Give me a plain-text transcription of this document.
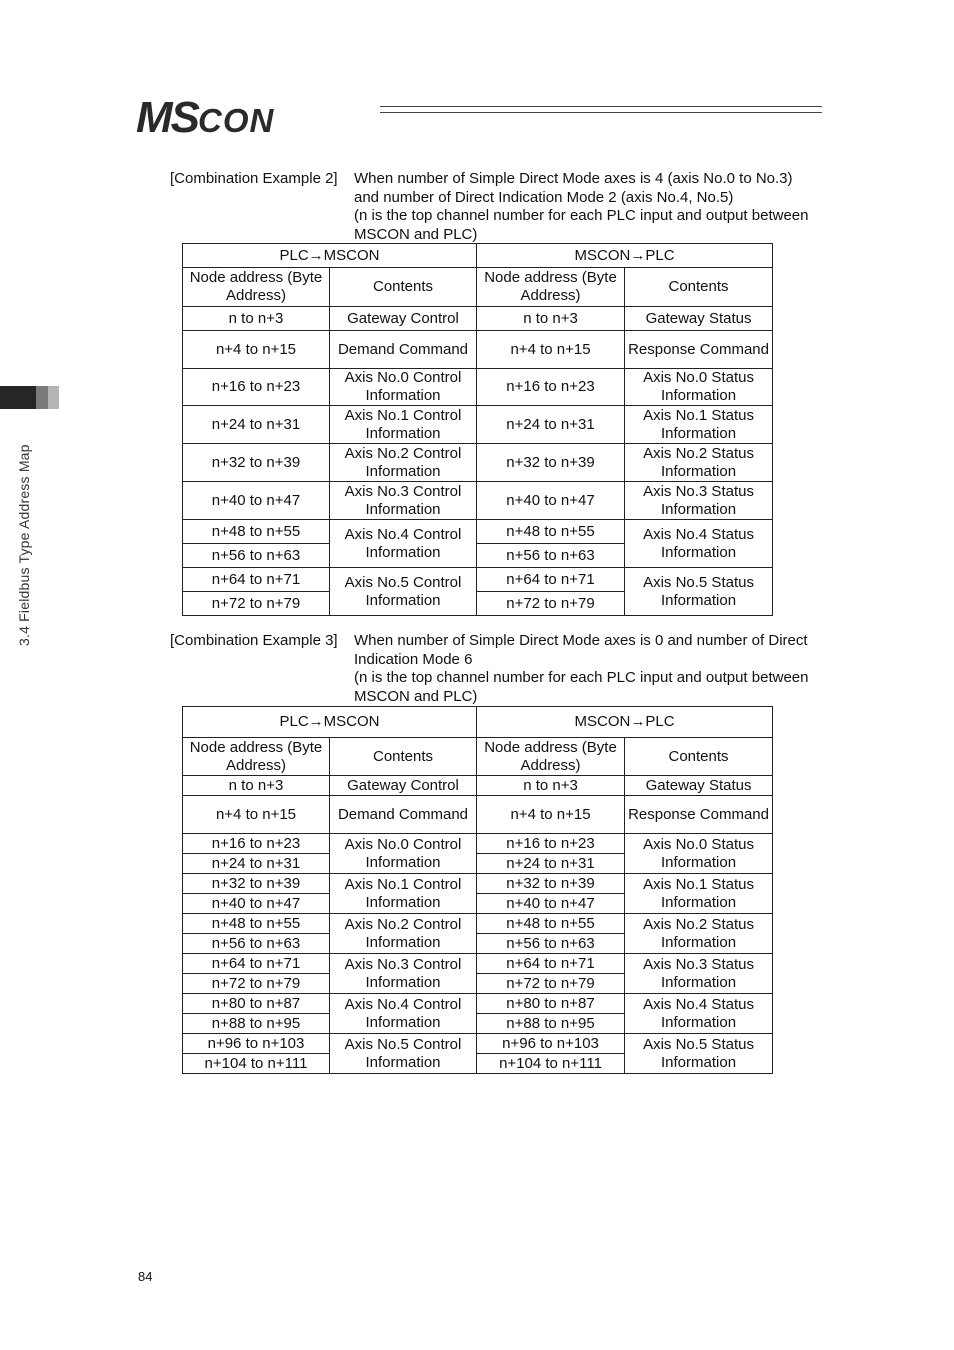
MSCON
3.4 Fieldbus Type Address Map
[Combination Example 2] When number of Simple Direct Mode axes is 4 (axis No.0 to No.3)
and number of Direct Indication Mode 2 (axis No.4, No.5)
(n is the top channel number for each PLC input and output between
MSCON and PLC)
PLC→MSCON		MSCON→PLC	
Node address (Byte Address)	Contents	Node address (Byte Address)	Contents
n to n+3	Gateway Control	n to n+3	Gateway Status
n+4 to n+15	Demand Command	n+4 to n+15	Response Command
n+16 to n+23	Axis No.0 Control Information	n+16 to n+23	Axis No.0 Status Information
n+24 to n+31	Axis No.1 Control Information	n+24 to n+31	Axis No.1 Status Information
n+32 to n+39	Axis No.2 Control Information	n+32 to n+39	Axis No.2 Status Information
n+40 to n+47	Axis No.3 Control Information	n+40 to n+47	Axis No.3 Status Information
n+48 to n+55	Axis No.4 Control Information	n+48 to n+55	Axis No.4 Status Information
n+56 to n+63		n+56 to n+63	
n+64 to n+71	Axis No.5 Control Information	n+64 to n+71	Axis No.5 Status Information
n+72 to n+79		n+72 to n+79	
[Combination Example 3] When number of Simple Direct Mode axes is 0 and number of Direct
Indication Mode 6
(n is the top channel number for each PLC input and output between
MSCON and PLC)
PLC→MSCON		MSCON→PLC	
Node address (Byte Address)	Contents	Node address (Byte Address)	Contents
n to n+3	Gateway Control	n to n+3	Gateway Status
n+4 to n+15	Demand Command	n+4 to n+15	Response Command
n+16 to n+23	Axis No.0 Control Information	n+16 to n+23	Axis No.0 Status Information
n+24 to n+31		n+24 to n+31	
n+32 to n+39	Axis No.1 Control Information	n+32 to n+39	Axis No.1 Status Information
n+40 to n+47		n+40 to n+47	
n+48 to n+55	Axis No.2 Control Information	n+48 to n+55	Axis No.2 Status Information
n+56 to n+63		n+56 to n+63	
n+64 to n+71	Axis No.3 Control Information	n+64 to n+71	Axis No.3 Status Information
n+72 to n+79		n+72 to n+79	
n+80 to n+87	Axis No.4 Control Information	n+80 to n+87	Axis No.4 Status Information
n+88 to n+95		n+88 to n+95	
n+96 to n+103	Axis No.5 Control Information	n+96 to n+103	Axis No.5 Status Information
n+104 to n+111		n+104 to n+111	
84
